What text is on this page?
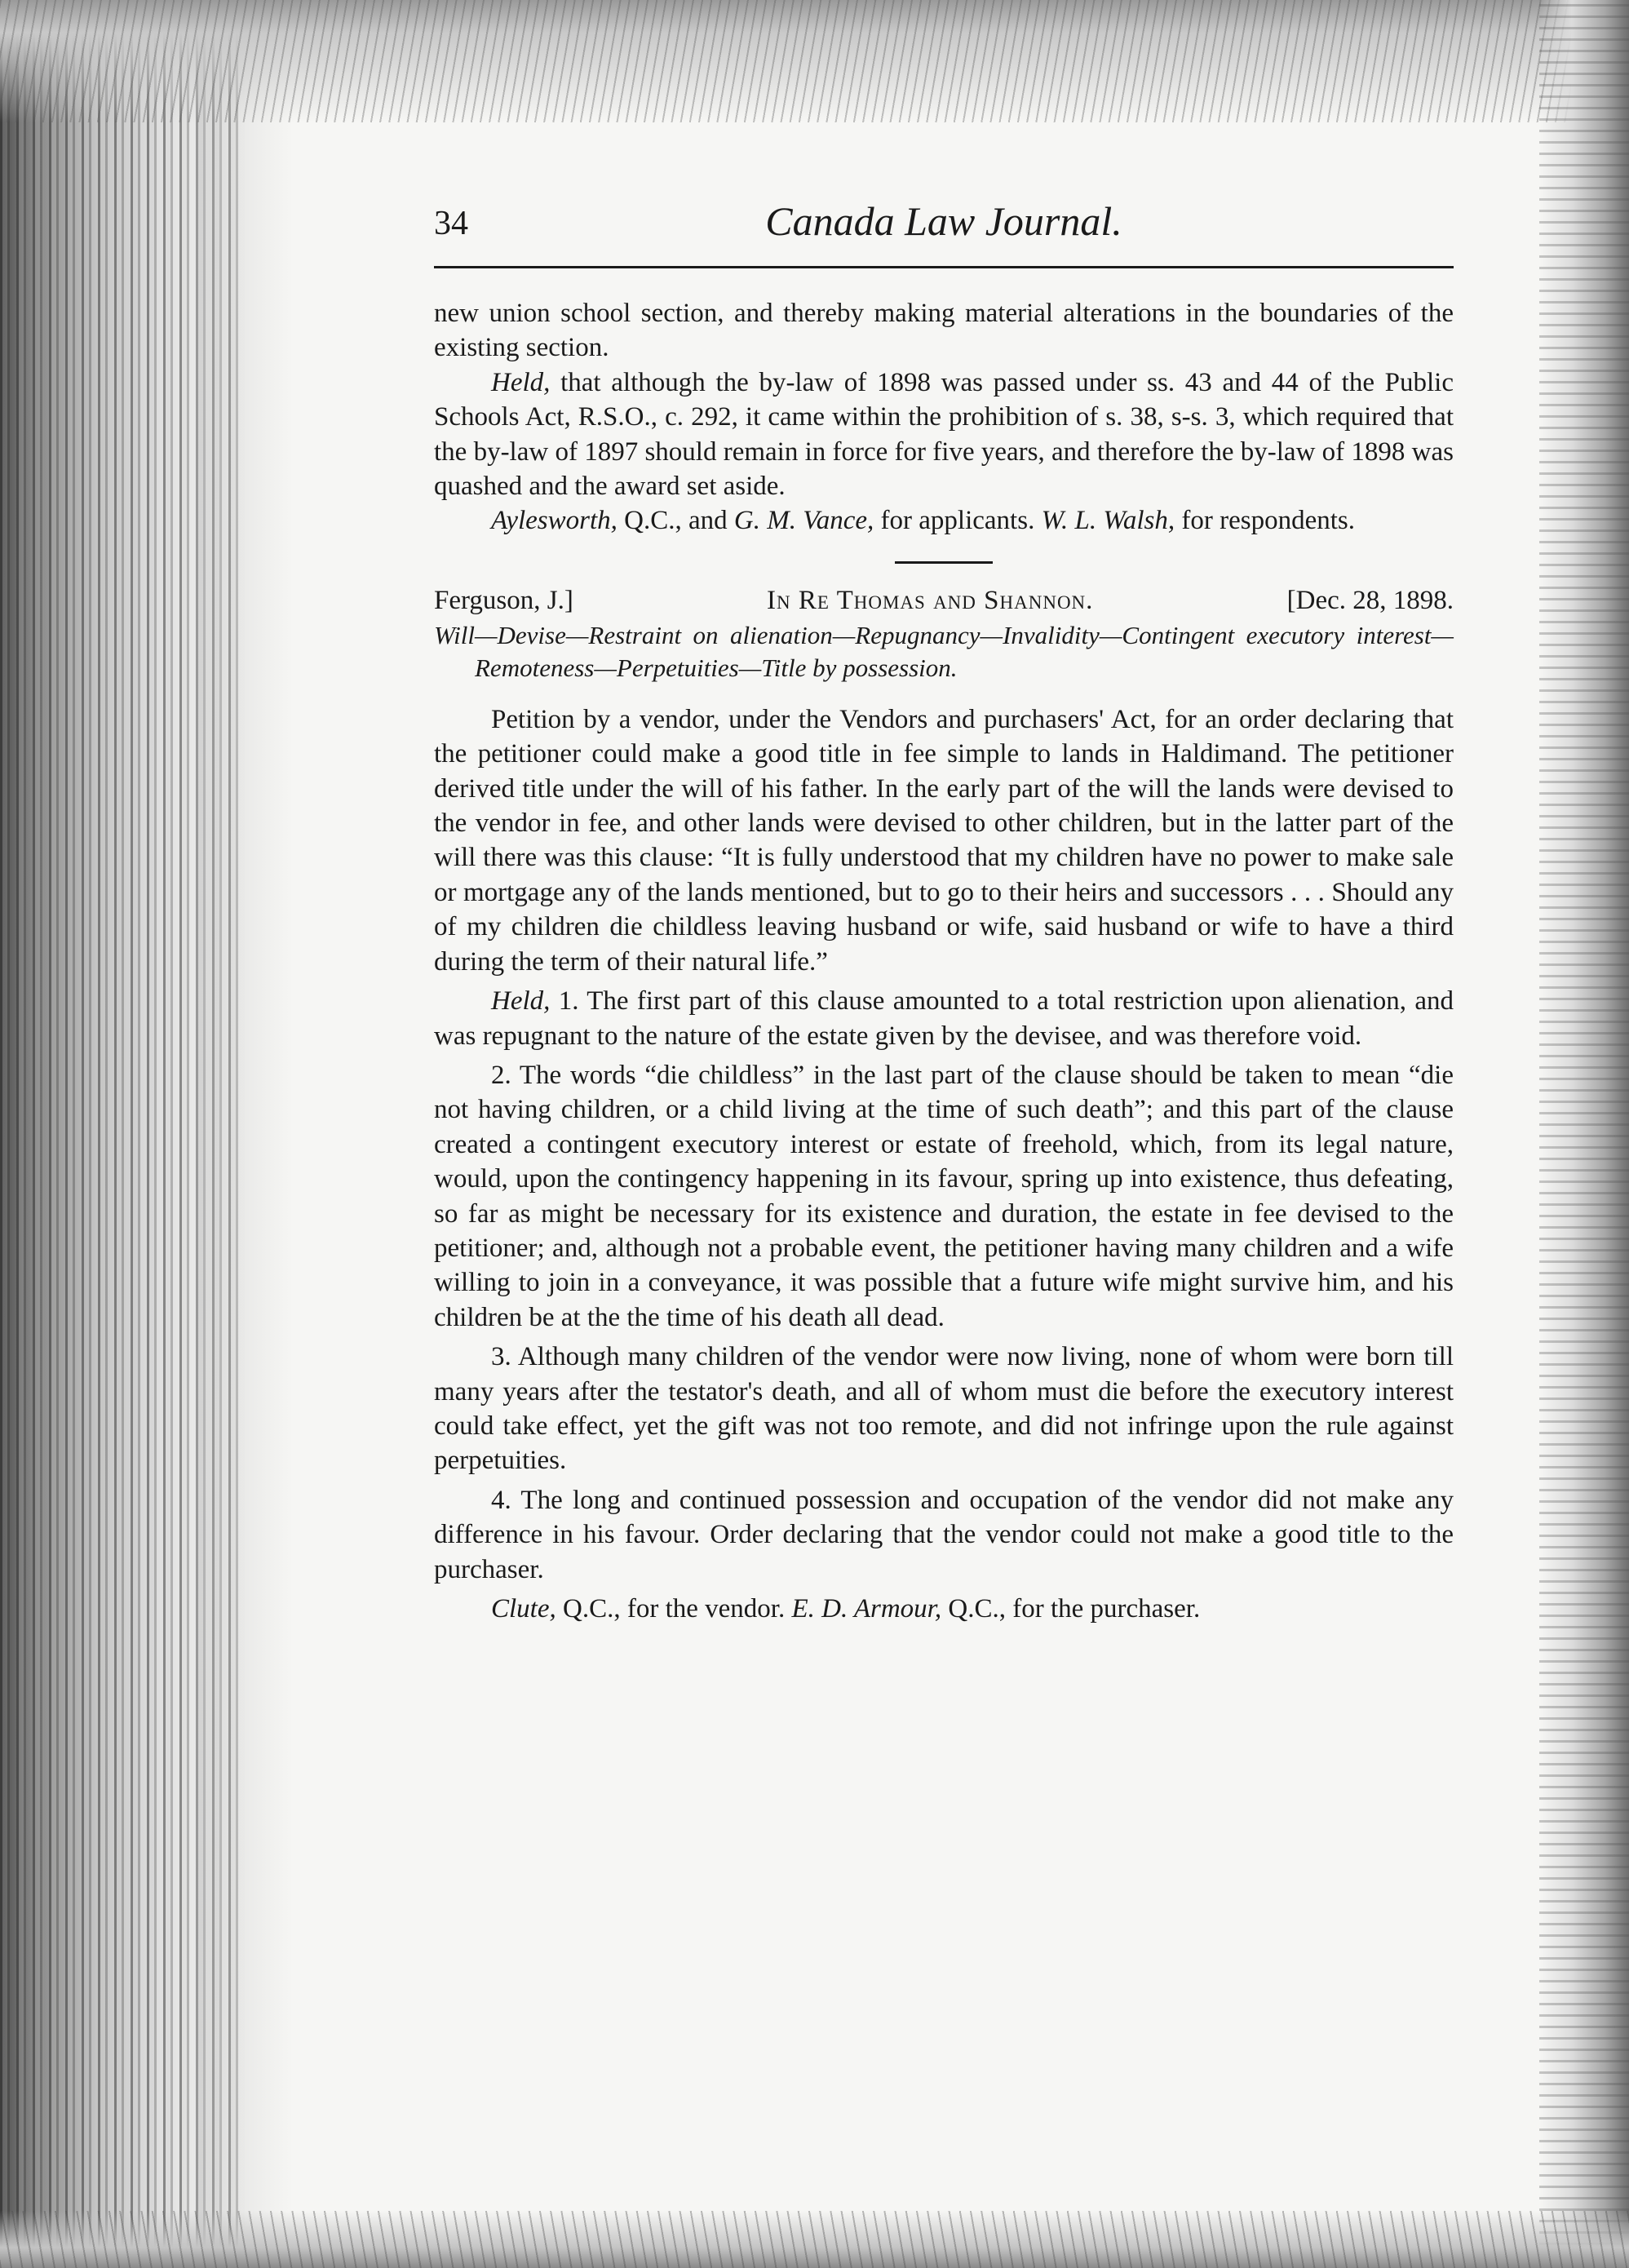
34	Canada Law Journal.

new union school section, and thereby making material alterations in the boundaries of the existing section.

Held, that although the by-law of 1898 was passed under ss. 43 and 44 of the Public Schools Act, R.S.O., c. 292, it came within the prohibition of s. 38, s-s. 3, which required that the by-law of 1897 should remain in force for five years, and therefore the by-law of 1898 was quashed and the award set aside.

Aylesworth, Q.C., and G. M. Vance, for applicants. W. L. Walsh, for respondents.

Ferguson, J.]	In Re Thomas and Shannon.	[Dec. 28, 1898.
Will—Devise—Restraint on alienation—Repugnancy—Invalidity—Contingent executory interest—Remoteness—Perpetuities—Title by possession.

Petition by a vendor, under the Vendors and purchasers' Act, for an order declaring that the petitioner could make a good title in fee simple to lands in Haldimand. The petitioner derived title under the will of his father. In the early part of the will the lands were devised to the vendor in fee, and other lands were devised to other children, but in the latter part of the will there was this clause: “It is fully understood that my children have no power to make sale or mortgage any of the lands mentioned, but to go to their heirs and successors . . . Should any of my children die childless leaving husband or wife, said husband or wife to have a third during the term of their natural life.”

Held, 1. The first part of this clause amounted to a total restriction upon alienation, and was repugnant to the nature of the estate given by the devisee, and was therefore void.

2. The words “die childless” in the last part of the clause should be taken to mean “die not having children, or a child living at the time of such death”; and this part of the clause created a contingent executory interest or estate of freehold, which, from its legal nature, would, upon the contingency happening in its favour, spring up into existence, thus defeating, so far as might be necessary for its existence and duration, the estate in fee devised to the petitioner; and, although not a probable event, the petitioner having many children and a wife willing to join in a conveyance, it was possible that a future wife might survive him, and his children be at the the time of his death all dead.

3. Although many children of the vendor were now living, none of whom were born till many years after the testator's death, and all of whom must die before the executory interest could take effect, yet the gift was not too remote, and did not infringe upon the rule against perpetuities.

4. The long and continued possession and occupation of the vendor did not make any difference in his favour. Order declaring that the vendor could not make a good title to the purchaser.

Clute, Q.C., for the vendor. E. D. Armour, Q.C., for the purchaser.
